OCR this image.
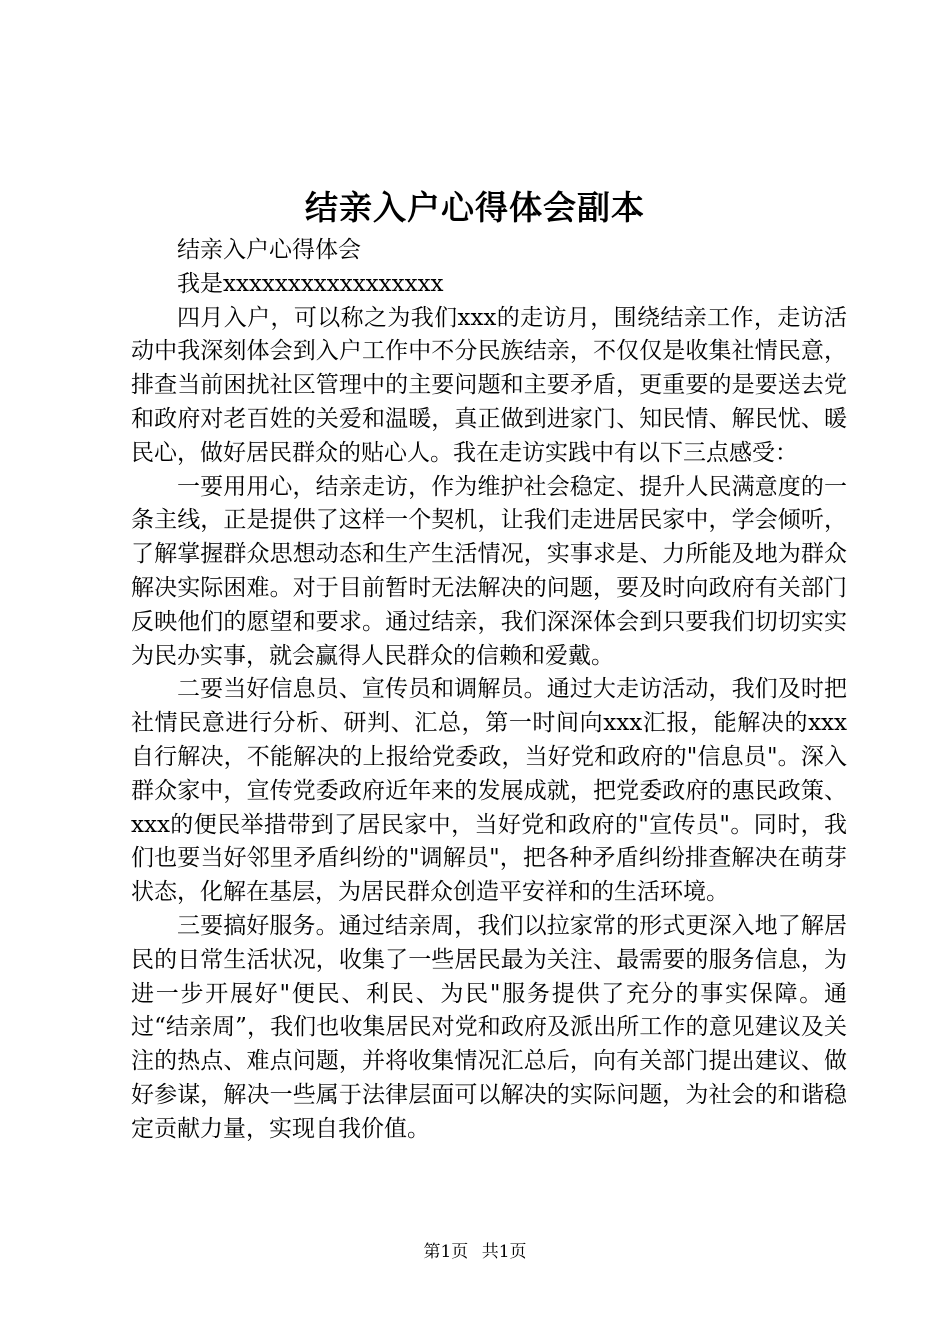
结亲入户心得体会副本

结亲入户心得体会

我是xxxxxxxxxxxxxxxxx

四月入户，可以称之为我们xxx的走访月，围绕结亲工作，走访活动中我深刻体会到入户工作中不分民族结亲，不仅仅是收集社情民意，排查当前困扰社区管理中的主要问题和主要矛盾，更重要的是要送去党和政府对老百姓的关爱和温暖，真正做到进家门、知民情、解民忧、暖民心，做好居民群众的贴心人。我在走访实践中有以下三点感受：

一要用用心，结亲走访，作为维护社会稳定、提升人民满意度的一条主线，正是提供了这样一个契机，让我们走进居民家中，学会倾听，了解掌握群众思想动态和生产生活情况，实事求是、力所能及地为群众解决实际困难。对于目前暂时无法解决的问题，要及时向政府有关部门反映他们的愿望和要求。通过结亲，我们深深体会到只要我们切切实实为民办实事，就会赢得人民群众的信赖和爱戴。

二要当好信息员、宣传员和调解员。通过大走访活动，我们及时把社情民意进行分析、研判、汇总，第一时间向xxx汇报，能解决的xxx自行解决，不能解决的上报给党委政，当好党和政府的"信息员"。深入群众家中，宣传党委政府近年来的发展成就，把党委政府的惠民政策、xxx的便民举措带到了居民家中，当好党和政府的"宣传员"。同时，我们也要当好邻里矛盾纠纷的"调解员"，把各种矛盾纠纷排查解决在萌芽状态，化解在基层，为居民群众创造平安祥和的生活环境。

三要搞好服务。通过结亲周，我们以拉家常的形式更深入地了解居民的日常生活状况，收集了一些居民最为关注、最需要的服务信息，为进一步开展好"便民、利民、为民"服务提供了充分的事实保障。通过“结亲周”，我们也收集居民对党和政府及派出所工作的意见建议及关注的热点、难点问题，并将收集情况汇总后，向有关部门提出建议、做好参谋，解决一些属于法律层面可以解决的实际问题，为社会的和谐稳定贡献力量，实现自我价值。

第1页 共1页
